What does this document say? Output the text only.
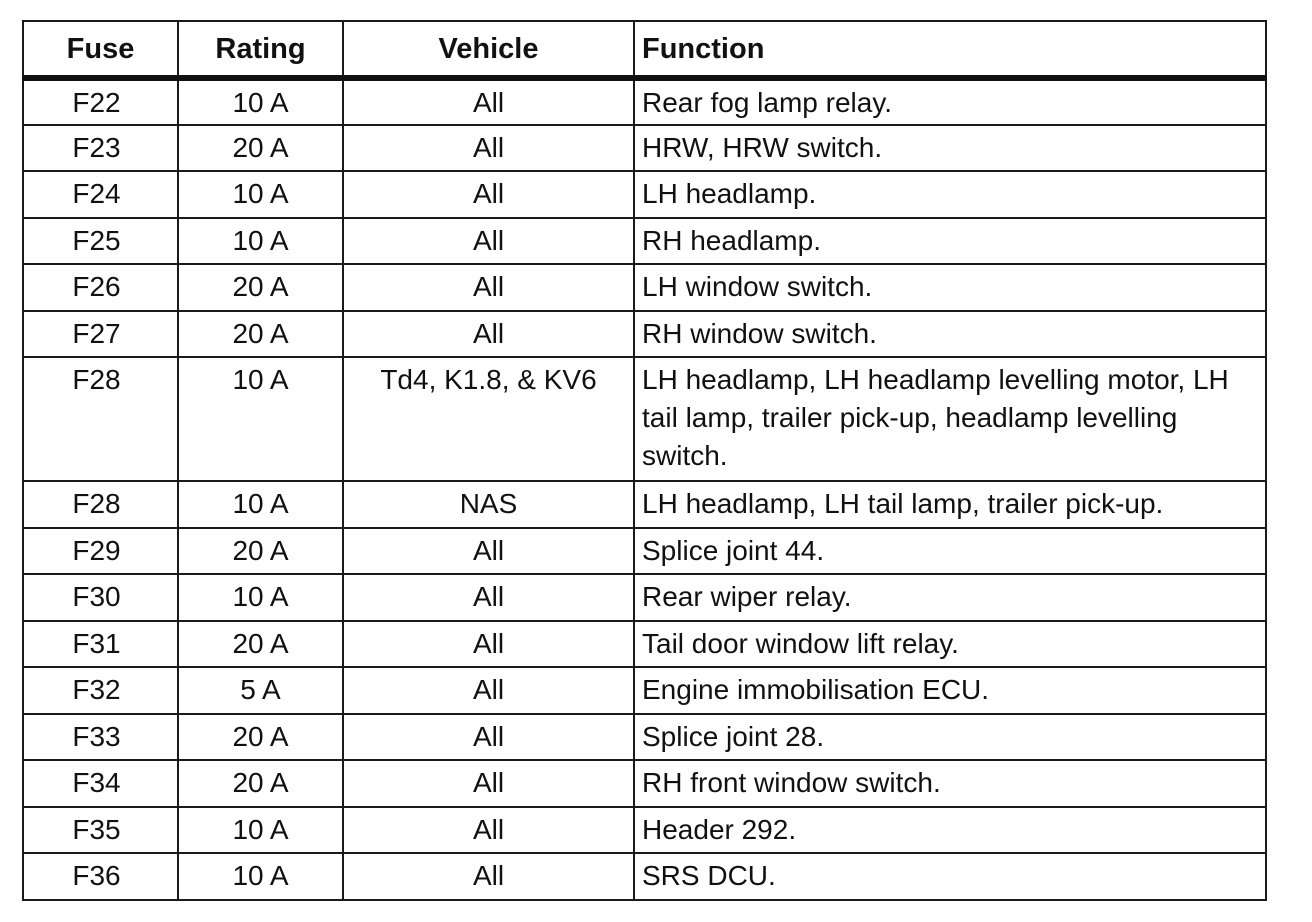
Fuse	Rating	Vehicle	Function
F22	10 A	All	Rear fog lamp relay.
F23	20 A	All	HRW, HRW switch.
F24	10 A	All	LH headlamp.
F25	10 A	All	RH headlamp.
F26	20 A	All	LH window switch.
F27	20 A	All	RH window switch.
F28	10 A	Td4, K1.8, & KV6	LH headlamp, LH headlamp levelling motor, LH tail lamp, trailer pick-up, headlamp levelling switch.
F28	10 A	NAS	LH headlamp, LH tail lamp, trailer pick-up.
F29	20 A	All	Splice joint 44.
F30	10 A	All	Rear wiper relay.
F31	20 A	All	Tail door window lift relay.
F32	5 A	All	Engine immobilisation ECU.
F33	20 A	All	Splice joint 28.
F34	20 A	All	RH front window switch.
F35	10 A	All	Header 292.
F36	10 A	All	SRS DCU.
